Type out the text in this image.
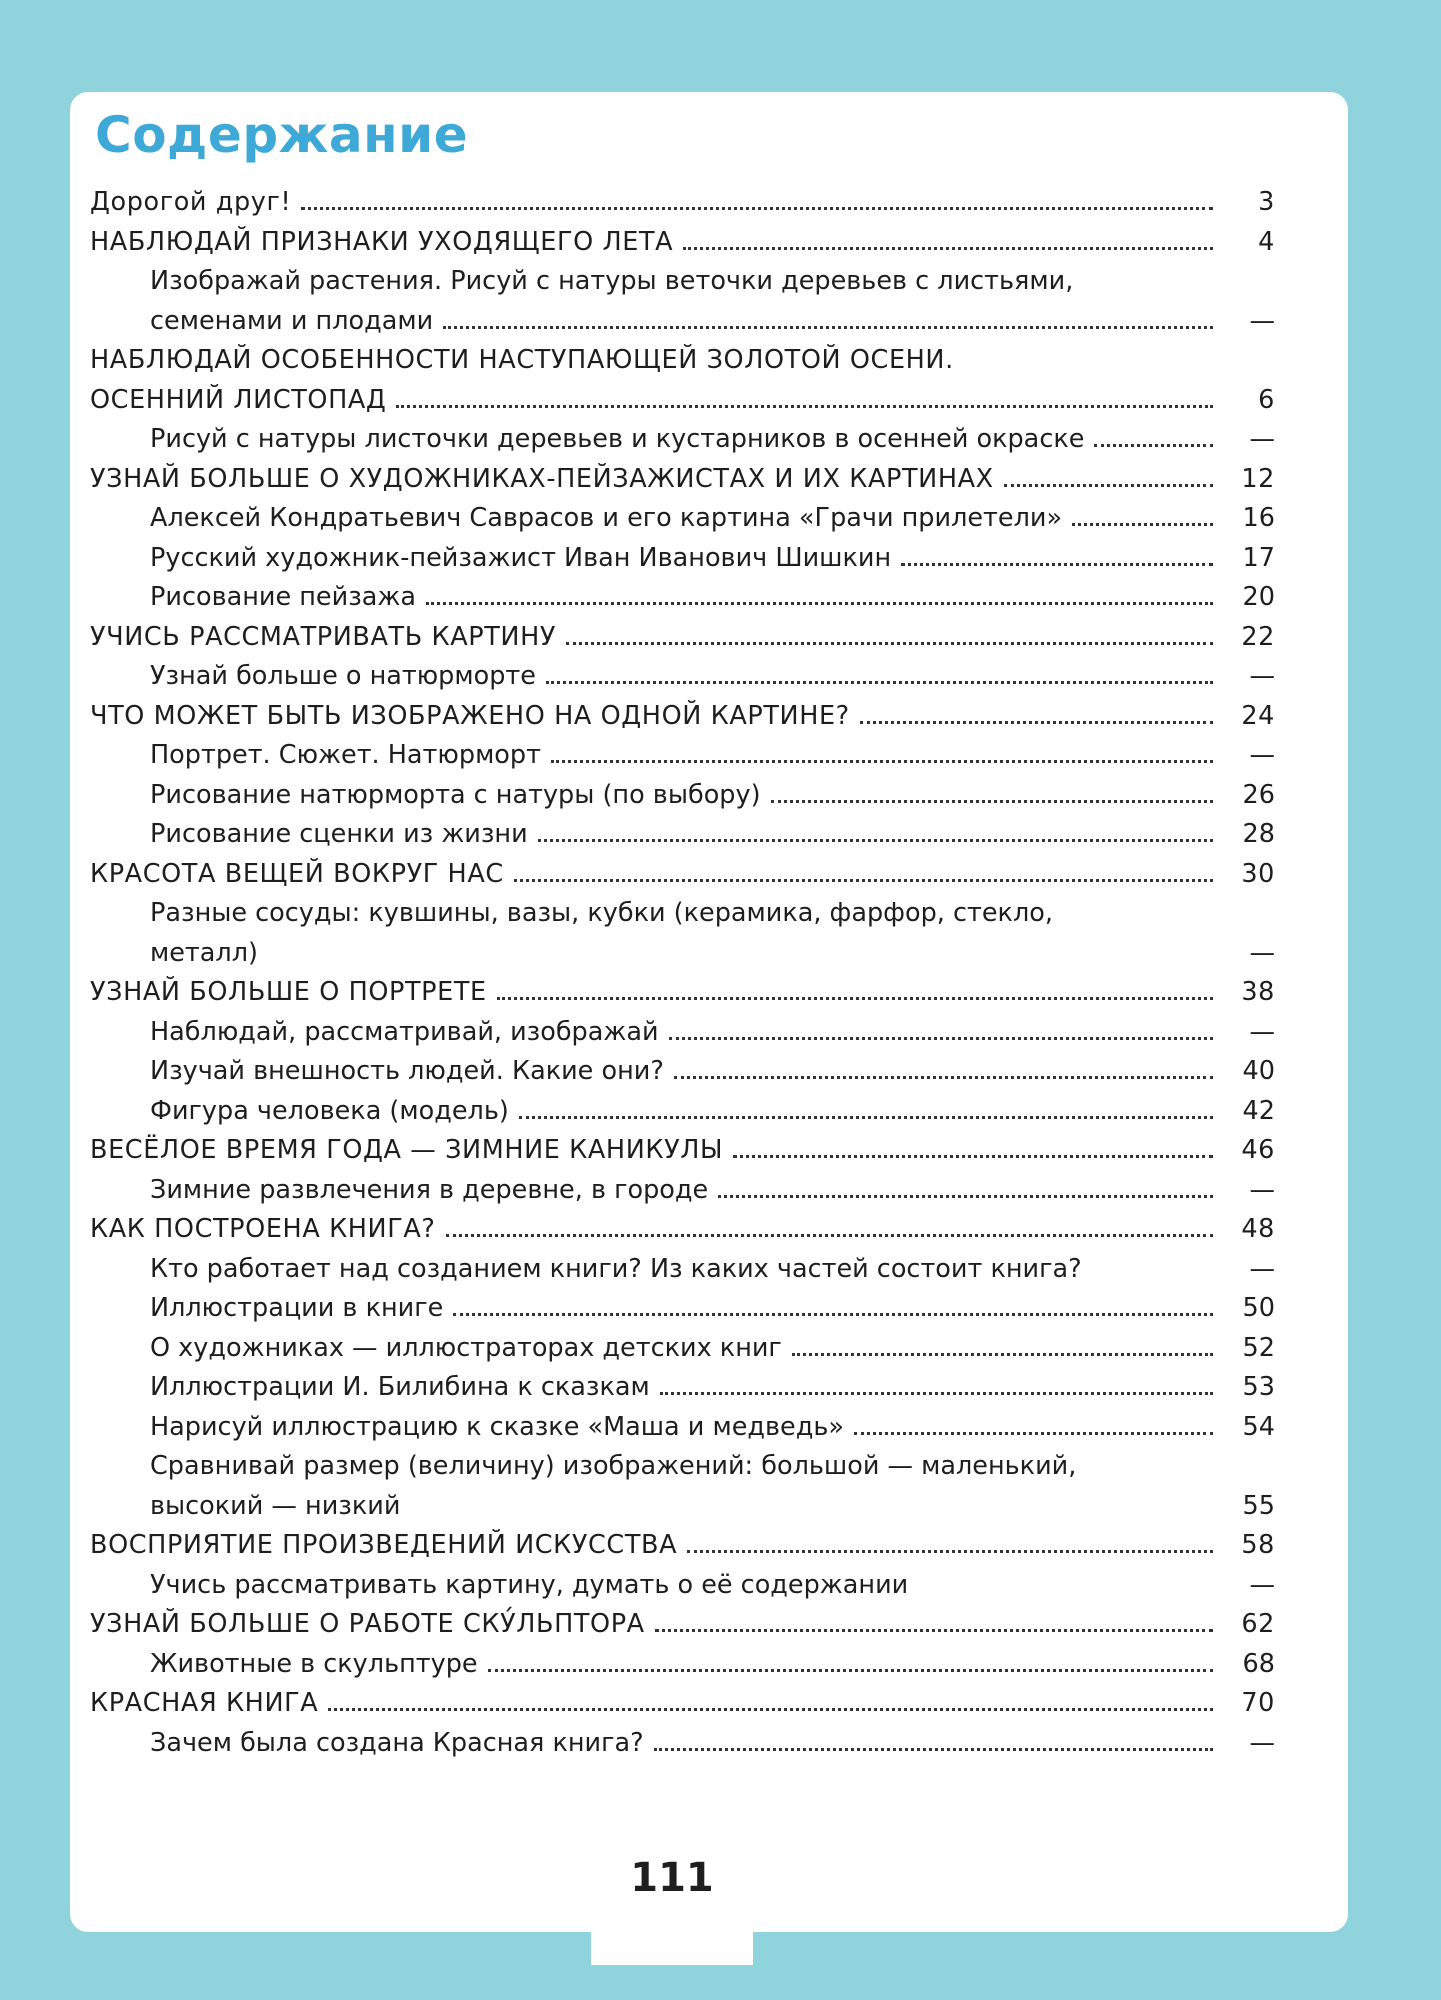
Содержание
Дорогой друг!	3
НАБЛЮДАЙ ПРИЗНАКИ УХОДЯЩЕГО ЛЕТА	4
Изображай растения. Рисуй с натуры веточки деревьев с листьями,
семенами и плодами	—
НАБЛЮДАЙ ОСОБЕННОСТИ НАСТУПАЮЩЕЙ ЗОЛОТОЙ ОСЕНИ.
ОСЕННИЙ ЛИСТОПАД	6
Рисуй с натуры листочки деревьев и кустарников в осенней окраске	—
УЗНАЙ БОЛЬШЕ О ХУДОЖНИКАХ-ПЕЙЗАЖИСТАХ И ИХ КАРТИНАХ	12
Алексей Кондратьевич Саврасов и его картина «Грачи прилетели»	16
Русский художник-пейзажист Иван Иванович Шишкин	17
Рисование пейзажа	20
УЧИСЬ РАССМАТРИВАТЬ КАРТИНУ	22
Узнай больше о натюрморте	—
ЧТО МОЖЕТ БЫТЬ ИЗОБРАЖЕНО НА ОДНОЙ КАРТИНЕ?	24
Портрет. Сюжет. Натюрморт	—
Рисование натюрморта с натуры (по выбору)	26
Рисование сценки из жизни	28
КРАСОТА ВЕЩЕЙ ВОКРУГ НАС	30
Разные сосуды: кувшины, вазы, кубки (керамика, фарфор, стекло,
металл)	—
УЗНАЙ БОЛЬШЕ О ПОРТРЕТЕ	38
Наблюдай, рассматривай, изображай	—
Изучай внешность людей. Какие они?	40
Фигура человека (модель)	42
ВЕСЁЛОЕ ВРЕМЯ ГОДА — ЗИМНИЕ КАНИКУЛЫ	46
Зимние развлечения в деревне, в городе	—
КАК ПОСТРОЕНА КНИГА?	48
Кто работает над созданием книги? Из каких частей состоит книга?	—
Иллюстрации в книге	50
О художниках — иллюстраторах детских книг	52
Иллюстрации И. Билибина к сказкам	53
Нарисуй иллюстрацию к сказке «Маша и медведь»	54
Сравнивай размер (величину) изображений: большой — маленький,
высокий — низкий	55
ВОСПРИЯТИЕ ПРОИЗВЕДЕНИЙ ИСКУССТВА	58
Учись рассматривать картину, думать о её содержании	—
УЗНАЙ БОЛЬШЕ О РАБОТЕ СКУ́ЛЬПТОРА	62
Животные в скульптуре	68
КРАСНАЯ КНИГА	70
Зачем была создана Красная книга?	—
111
